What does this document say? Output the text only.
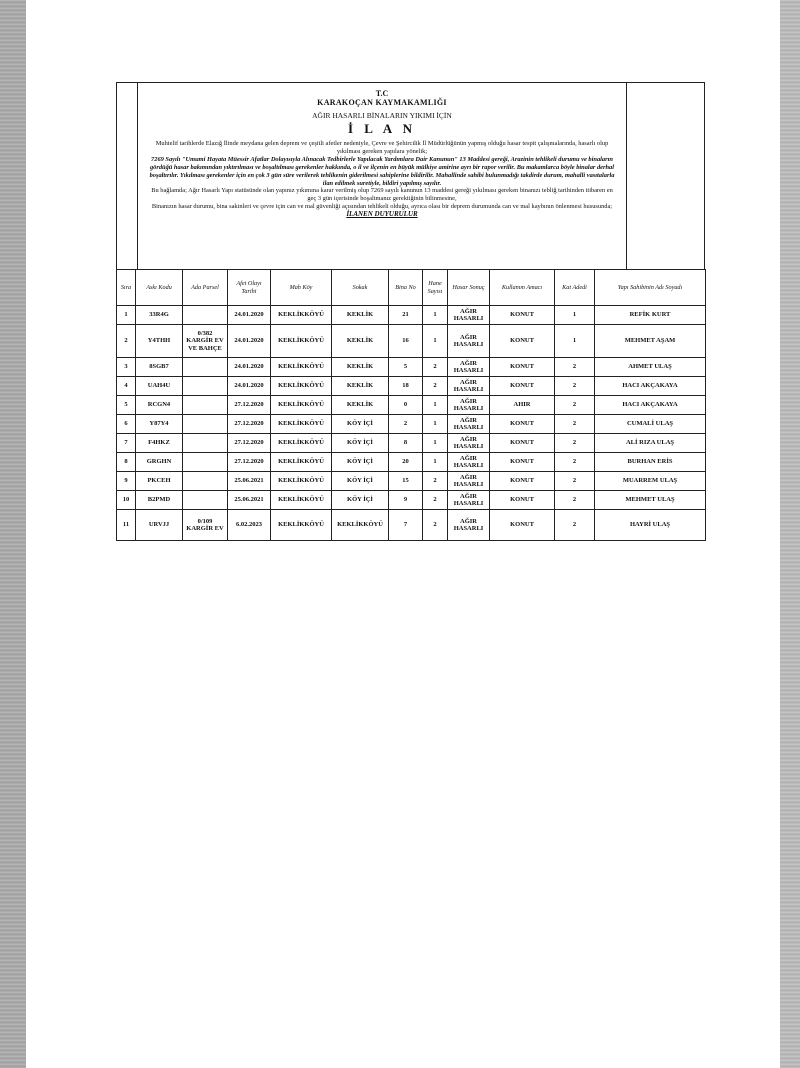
T.C
KARAKOÇAN KAYMAKAMLIĞI
AĞIR HASARLI BİNALARIN YIKIMI İÇİN
İ L A N

Muhtelif tarihlerde Elazığ İlinde meydana gelen deprem ve çeşitli afetler nedeniyle, Çevre ve Şehircilik İl Müdürlüğünün yapmış olduğu hasar tespit çalışmalarında, hasarlı olup yıkılması gereken yapılara yönelik;

7269 Sayılı "Umumi Hayata Müessir Afatlar Dolayısıyla Alınacak Tedbirlerle Yapılacak Yardımlara Dair Kanunun" 13 Maddesi gereği, Arazinin tehlikeli durumu ve binaların gördüğü hasar bakımından yıktırılması ve boşaltılması gerekenler hakkında, o il ve ilçenin en büyük mülkiye amirine ayrı bir rapor verilir. Bu makamlarca böyle binalar derhal boşaltırılır. Yıkılması gerekenler için en çok 3 gün süre verilerek tehlikenin giderilmesi sahiplerine bildirilir. Mahallinde sahibi bulunmadığı takdirde durum, mahalli vasıtalarla ilan edilmek suretiyle, bildiri yapılmış sayılır.

Bu bağlamda; Ağır Hasarlı Yapı statüsünde olan yapınız yıkımına karar verilmiş olup 7269 sayılı kanunun 13 maddesi gereği yıkılması gereken binanızı tebliğ tarihinden itibaren en geç 3 gün içerisinde boşaltmanız gerektiğinin bilinmesine,

Binanızın hasar durumu, bina sakinleri ve çevre için can ve mal güvenliği açısından tehlikeli olduğu, ayrıca olası bir deprem durumunda can ve mal kaybının önlenmesi hususunda;

İLANEN DUYURULUR

Sıra	Askı Kodu	Ada Parsel	Afet Olayı Tarihi	Mah Köy	Sokak	Bina No	Hane Sayısı	Hasar Sonuç	Kullanım Amacı	Kat Adedi	Yapı Sahibinin Adı Soyadı
1	33R4G		24.01.2020	KEKLİKKÖYÜ	KEKLİK	21	1	AĞIR HASARLI	KONUT	1	REFİK KURT
2	Y4THH	0/382 KARGİR EV VE BAHÇE	24.01.2020	KEKLİKKÖYÜ	KEKLİK	16	1	AĞIR HASARLI	KONUT	1	MEHMET AŞAM
3	8SGB7		24.01.2020	KEKLİKKÖYÜ	KEKLİK	5	2	AĞIR HASARLI	KONUT	2	AHMET ULAŞ
4	UAH4U		24.01.2020	KEKLİKKÖYÜ	KEKLİK	18	2	AĞIR HASARLI	KONUT	2	HACI AKÇAKAYA
5	RCGN4		27.12.2020	KEKLİKKÖYÜ	KEKLİK	0	1	AĞIR HASARLI	AHIR	2	HACI AKÇAKAYA
6	Y87Y4		27.12.2020	KEKLİKKÖYÜ	KÖY İÇİ	2	1	AĞIR HASARLI	KONUT	2	CUMALİ ULAŞ
7	F4HKZ		27.12.2020	KEKLİKKÖYÜ	KÖY İÇİ	8	1	AĞIR HASARLI	KONUT	2	ALİ RIZA ULAŞ
8	GRGHN		27.12.2020	KEKLİKKÖYÜ	KÖY İÇİ	20	1	AĞIR HASARLI	KONUT	2	BURHAN ERİS
9	PKCEH		25.06.2021	KEKLİKKÖYÜ	KÖY İÇİ	15	2	AĞIR HASARLI	KONUT	2	MUARREM ULAŞ
10	B2PMD		25.06.2021	KEKLİKKÖYÜ	KÖY İÇİ	9	2	AĞIR HASARLI	KONUT	2	MEHMET ULAŞ
11	URVJJ	0/109 KARGİR EV	6.02.2023	KEKLİKKÖYÜ	KEKLİKKÖYÜ	7	2	AĞIR HASARLI	KONUT	2	HAYRİ ULAŞ
